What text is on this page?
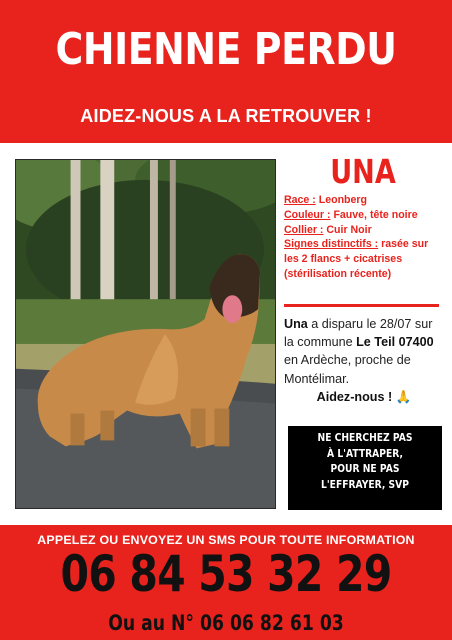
CHIENNE PERDU
AIDEZ-NOUS A LA RETROUVER !
UNA
Race : Leonberg
Couleur : Fauve, tête noire
Collier : Cuir Noir
Signes distinctifs : rasée sur les 2 flancs + cicatrises (stérilisation récente)
Una a disparu le 28/07 sur la commune Le Teil 07400 en Ardèche, proche de Montélimar.
Aidez-nous ! 🙏
NE CHERCHEZ PAS
À L'ATTRAPER,
POUR NE PAS
L'EFFRAYER, SVP
APPELEZ OU ENVOYEZ UN SMS POUR TOUTE INFORMATION
06 84 53 32 29
Ou au N° 06 06 82 61 03
